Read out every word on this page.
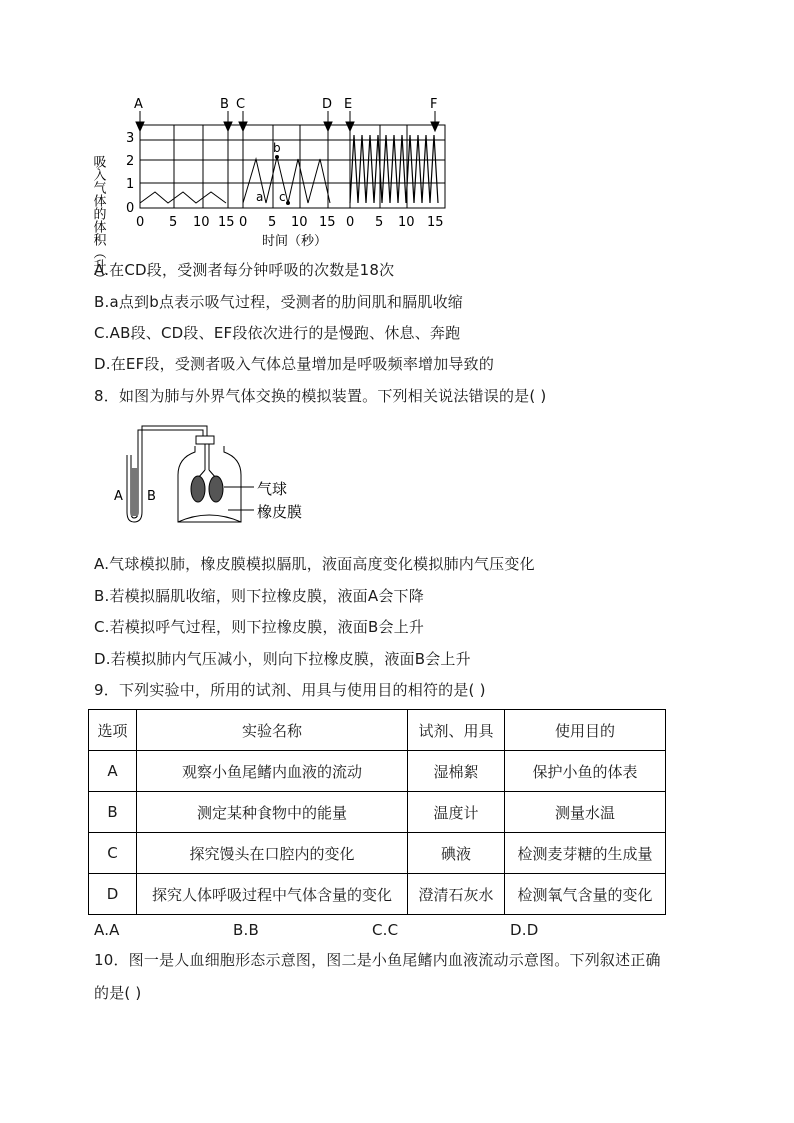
吸入气体的体积（升） 0
1
2
3
0 5 10 15 0 5 10 15 0 5 10 15
时间（秒）
A	B C	D E	F
a
b
c
A.在CD段，受测者每分钟呼吸的次数是18次
B.a点到b点表示吸气过程，受测者的肋间肌和膈肌收缩
C.AB段、CD段、EF段依次进行的是慢跑、休息、奔跑
D.在EF段，受测者吸入气体总量增加是呼吸频率增加导致的
8．如图为肺与外界气体交换的模拟装置。下列相关说法错误的是( )
A B	气球
橡皮膜
A.气球模拟肺，橡皮膜模拟膈肌，液面高度变化模拟肺内气压变化
B.若模拟膈肌收缩，则下拉橡皮膜，液面A会下降
C.若模拟呼气过程，则下拉橡皮膜，液面B会上升
D.若模拟肺内气压减小，则向下拉橡皮膜，液面B会上升
9．下列实验中，所用的试剂、用具与使用目的相符的是( )
选项	实验名称	试剂、用具	使用目的
A	观察小鱼尾鳍内血液的流动	湿棉絮	保护小鱼的体表
B	测定某种食物中的能量	温度计	测量水温
C	探究馒头在口腔内的变化	碘液	检测麦芽糖的生成量
D	探究人体呼吸过程中气体含量的变化	澄清石灰水	检测氧气含量的变化
A.A	B.B	C.C	D.D
10．图一是人血细胞形态示意图，图二是小鱼尾鳍内血液流动示意图。下列叙述正确
的是( )
